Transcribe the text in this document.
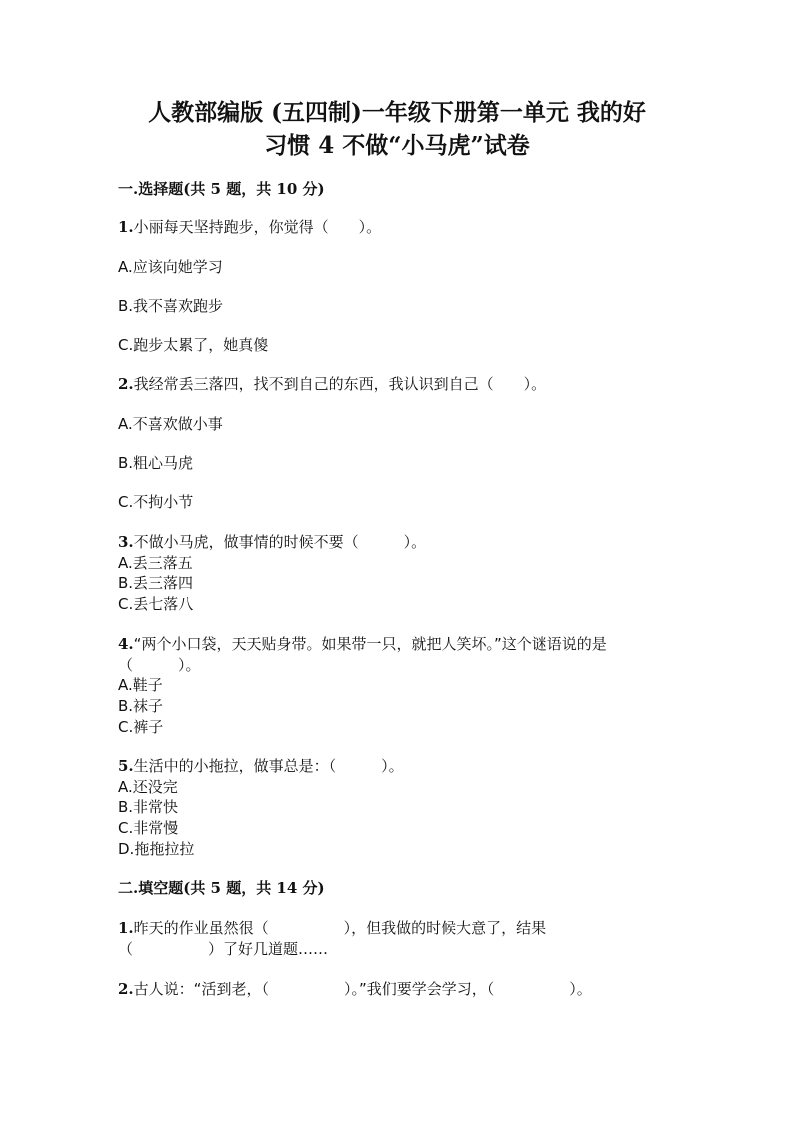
人教部编版 (五四制)一年级下册第一单元 我的好
习惯 4 不做“小马虎”试卷
一.选择题(共 5 题，共 10 分)
1.小丽每天坚持跑步，你觉得（　　）。
A.应该向她学习
B.我不喜欢跑步
C.跑步太累了，她真傻
2.我经常丢三落四，找不到自己的东西，我认识到自己（　　）。
A.不喜欢做小事
B.粗心马虎
C.不拘小节
3.不做小马虎，做事情的时候不要（　　　）。
A.丢三落五
B.丢三落四
C.丢七落八
4.“两个小口袋，天天贴身带。如果带一只，就把人笑坏。”这个谜语说的是
（　　　）。
A.鞋子
B.袜子
C.裤子
5.生活中的小拖拉，做事总是：（　　　）。
A.还没完
B.非常快
C.非常慢
D.拖拖拉拉
二.填空题(共 5 题，共 14 分)
1.昨天的作业虽然很（　　　　　），但我做的时候大意了，结果
（　　　　　）了好几道题……
2.古人说：“活到老，（　　　　　）。”我们要学会学习，（　　　　　）。
